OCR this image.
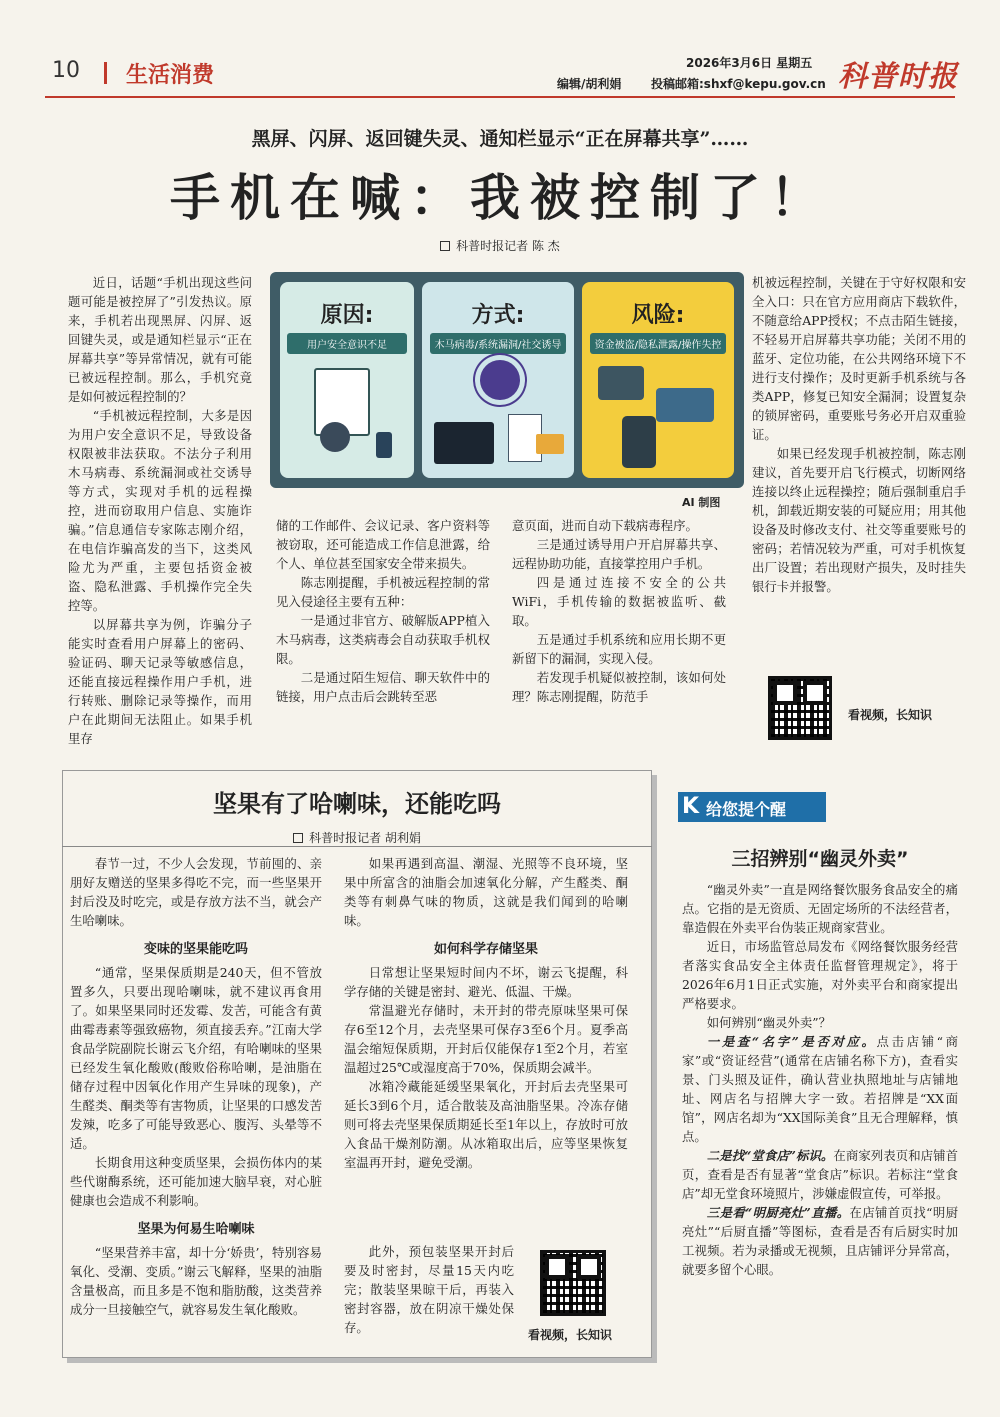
10 生活消费	2026年3月6日 星期五
编辑/胡利娟 投稿邮箱:shxf@kepu.gov.cn 科普时报
黑屏、闪屏、返回键失灵、通知栏显示“正在屏幕共享”……
手机在喊：我被控制了！
科普时报记者 陈 杰

近日，话题“手机出现这些问题可能是被控屏了”引发热议。原来，手机若出现黑屏、闪屏、返回键失灵，或是通知栏显示“正在屏幕共享”等异常情况，就有可能已被远程控制。那么，手机究竟是如何被远程控制的？

“手机被远程控制，大多是因为用户安全意识不足，导致设备权限被非法获取。不法分子利用木马病毒、系统漏洞或社交诱导等方式，实现对手机的远程操控，进而窃取用户信息、实施诈骗。”信息通信专家陈志刚介绍，在电信诈骗高发的当下，这类风险尤为严重，主要包括资金被盗、隐私泄露、手机操作完全失控等。

以屏幕共享为例，诈骗分子能实时查看用户屏幕上的密码、验证码、聊天记录等敏感信息，还能直接远程操作用户手机，进行转账、删除记录等操作，而用户在此期间无法阻止。如果手机里存

原因:
用户安全意识不足
方式:
木马病毒/系统漏洞/社交诱导
风险:
资金被盗/隐私泄露/操作失控
AI 制图

储的工作邮件、会议记录、客户资料等被窃取，还可能造成工作信息泄露，给个人、单位甚至国家安全带来损失。

陈志刚提醒，手机被远程控制的常见入侵途径主要有五种：

一是通过非官方、破解版APP植入木马病毒，这类病毒会自动获取手机权限。

二是通过陌生短信、聊天软件中的链接，用户点击后会跳转至恶

意页面，进而自动下载病毒程序。

三是通过诱导用户开启屏幕共享、远程协助功能，直接掌控用户手机。

四是通过连接不安全的公共WiFi，手机传输的数据被监听、截取。

五是通过手机系统和应用长期不更新留下的漏洞，实现入侵。

若发现手机疑似被控制，该如何处理？陈志刚提醒，防范手

机被远程控制，关键在于守好权限和安全入口：只在官方应用商店下载软件，不随意给APP授权；不点击陌生链接，不轻易开启屏幕共享功能；关闭不用的蓝牙、定位功能，在公共网络环境下不进行支付操作；及时更新手机系统与各类APP，修复已知安全漏洞；设置复杂的锁屏密码，重要账号务必开启双重验证。

如果已经发现手机被控制，陈志刚建议，首先要开启飞行模式，切断网络连接以终止远程操控；随后强制重启手机，卸载近期安装的可疑应用；用其他设备及时修改支付、社交等重要账号的密码；若情况较为严重，可对手机恢复出厂设置；若出现财产损失，及时挂失银行卡并报警。

看视频，长知识
坚果有了哈喇味，还能吃吗
科普时报记者 胡利娟

春节一过，不少人会发现，节前囤的、亲朋好友赠送的坚果多得吃不完，而一些坚果开封后没及时吃完，或是存放方法不当，就会产生哈喇味。

变味的坚果能吃吗

“通常，坚果保质期是240天，但不管放置多久，只要出现哈喇味，就不建议再食用了。如果坚果同时还发霉、发苦，可能含有黄曲霉毒素等强致癌物，须直接丢弃。”江南大学食品学院副院长谢云飞介绍，有哈喇味的坚果已经发生氧化酸败(酸败俗称哈喇，是油脂在储存过程中因氧化作用产生异味的现象)，产生醛类、酮类等有害物质，让坚果的口感发苦发辣，吃多了可能导致恶心、腹泻、头晕等不适。

长期食用这种变质坚果，会损伤体内的某些代谢酶系统，还可能加速大脑早衰，对心脏健康也会造成不利影响。

坚果为何易生哈喇味

“坚果营养丰富，却十分‘娇贵’，特别容易氧化、受潮、变质。”谢云飞解释，坚果的油脂含量极高，而且多是不饱和脂肪酸，这类营养成分一旦接触空气，就容易发生氧化酸败。

如果再遇到高温、潮湿、光照等不良环境，坚果中所富含的油脂会加速氧化分解，产生醛类、酮类等有刺鼻气味的物质，这就是我们闻到的哈喇味。

如何科学存储坚果

日常想让坚果短时间内不坏，谢云飞提醒，科学存储的关键是密封、避光、低温、干燥。

常温避光存储时，未开封的带壳原味坚果可保存6至12个月，去壳坚果可保存3至6个月。夏季高温会缩短保质期，开封后仅能保存1至2个月，若室温超过25℃或湿度高于70%，保质期会减半。

冰箱冷藏能延缓坚果氧化，开封后去壳坚果可延长3到6个月，适合散装及高油脂坚果。冷冻存储则可将去壳坚果保质期延长至1年以上，存放时可放入食品干燥剂防潮。从冰箱取出后，应等坚果恢复室温再开封，避免受潮。

此外，预包装坚果开封后要及时密封，尽量15天内吃完；散装坚果晾干后，再装入密封容器，放在阴凉干燥处保存。	看视频，长知识
K 给您提个醒
三招辨别“幽灵外卖”

“幽灵外卖”一直是网络餐饮服务食品安全的痛点。它指的是无资质、无固定场所的不法经营者，靠造假在外卖平台伪装正规商家营业。

近日，市场监管总局发布《网络餐饮服务经营者落实食品安全主体责任监督管理规定》，将于2026年6月1日正式实施，对外卖平台和商家提出严格要求。

如何辨别“幽灵外卖”？

一是查“名字”是否对应。点击店铺“商家”或“资证经营”(通常在店铺名称下方)，查看实景、门头照及证件，确认营业执照地址与店铺地址、网店名与招牌大字一致。若招牌是“XX面馆”，网店名却为“XX国际美食”且无合理解释，慎点。

二是找“堂食店”标识。在商家列表页和店铺首页，查看是否有显著“堂食店”标识。若标注“堂食店”却无堂食环境照片，涉嫌虚假宣传，可举报。

三是看“明厨亮灶”直播。在店铺首页找“明厨亮灶”“后厨直播”等图标，查看是否有后厨实时加工视频。若为录播或无视频，且店铺评分异常高，就要多留个心眼。
